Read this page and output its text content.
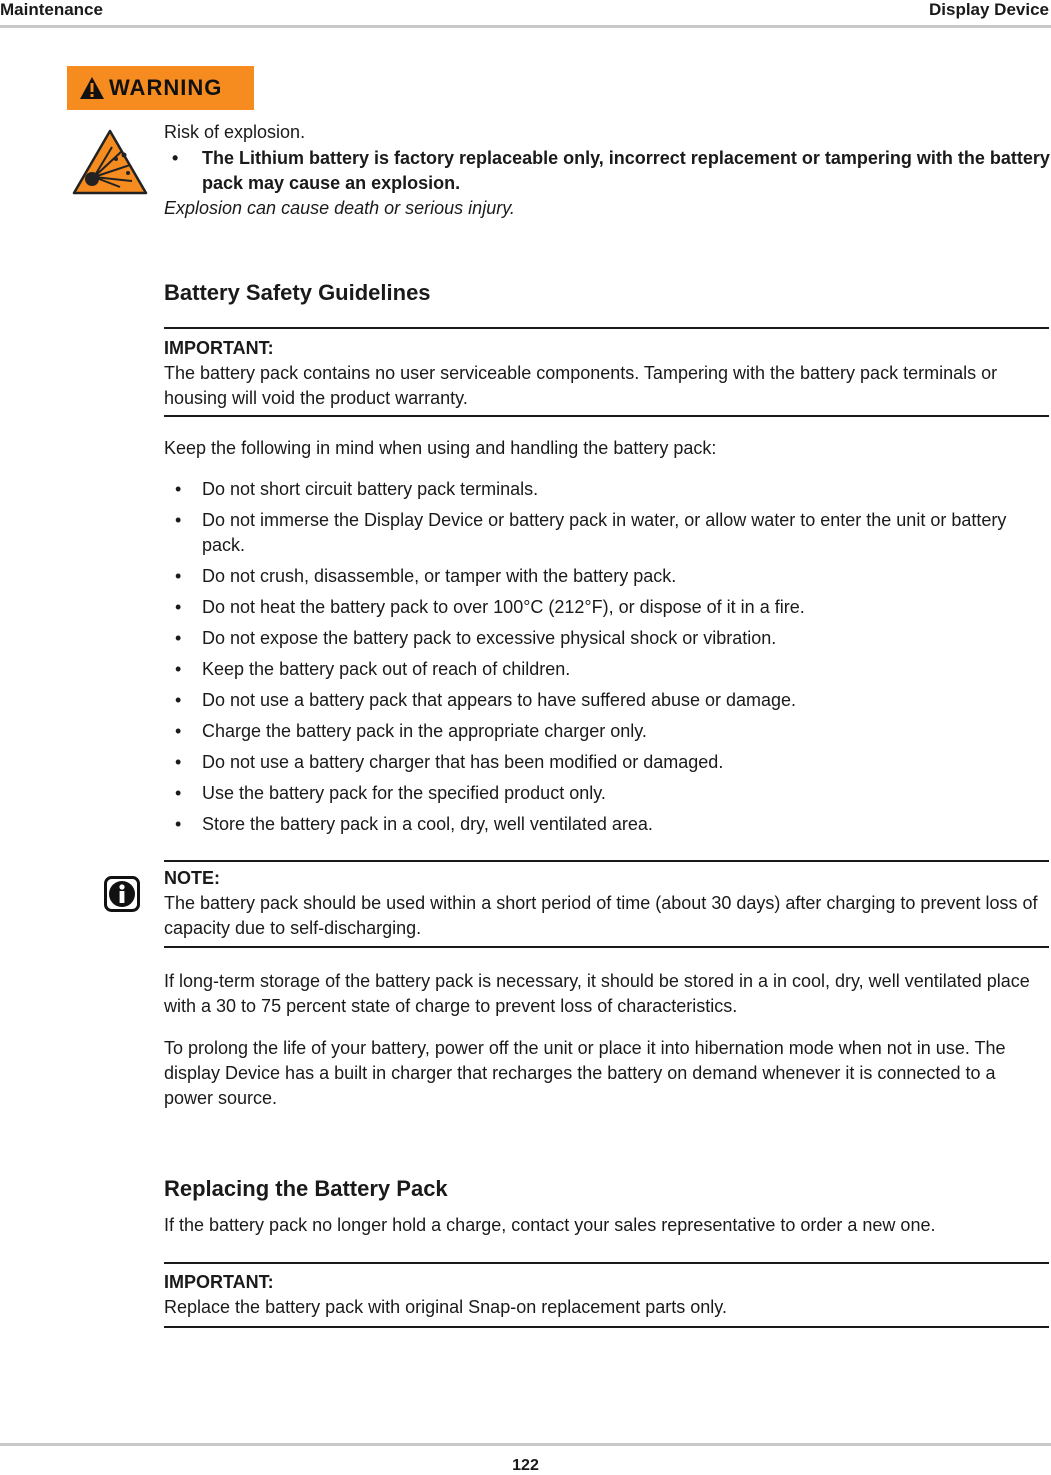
Maintenance	Display Device
WARNING
Risk of explosion.
• The Lithium battery is factory replaceable only, incorrect replacement or tampering with the battery pack may cause an explosion.
Explosion can cause death or serious injury.
Battery Safety Guidelines
IMPORTANT:
The battery pack contains no user serviceable components. Tampering with the battery pack terminals or housing will void the product warranty.
Keep the following in mind when using and handling the battery pack:
• Do not short circuit battery pack terminals.
• Do not immerse the Display Device or battery pack in water, or allow water to enter the unit or battery pack.
• Do not crush, disassemble, or tamper with the battery pack.
• Do not heat the battery pack to over 100°C (212°F), or dispose of it in a fire.
• Do not expose the battery pack to excessive physical shock or vibration.
• Keep the battery pack out of reach of children.
• Do not use a battery pack that appears to have suffered abuse or damage.
• Charge the battery pack in the appropriate charger only.
• Do not use a battery charger that has been modified or damaged.
• Use the battery pack for the specified product only.
• Store the battery pack in a cool, dry, well ventilated area.
NOTE:
The battery pack should be used within a short period of time (about 30 days) after charging to prevent loss of capacity due to self-discharging.
If long-term storage of the battery pack is necessary, it should be stored in a in cool, dry, well ventilated place with a 30 to 75 percent state of charge to prevent loss of characteristics.
To prolong the life of your battery, power off the unit or place it into hibernation mode when not in use. The display Device has a built in charger that recharges the battery on demand whenever it is connected to a power source.
Replacing the Battery Pack
If the battery pack no longer hold a charge, contact your sales representative to order a new one.
IMPORTANT:
Replace the battery pack with original Snap-on replacement parts only.
122
